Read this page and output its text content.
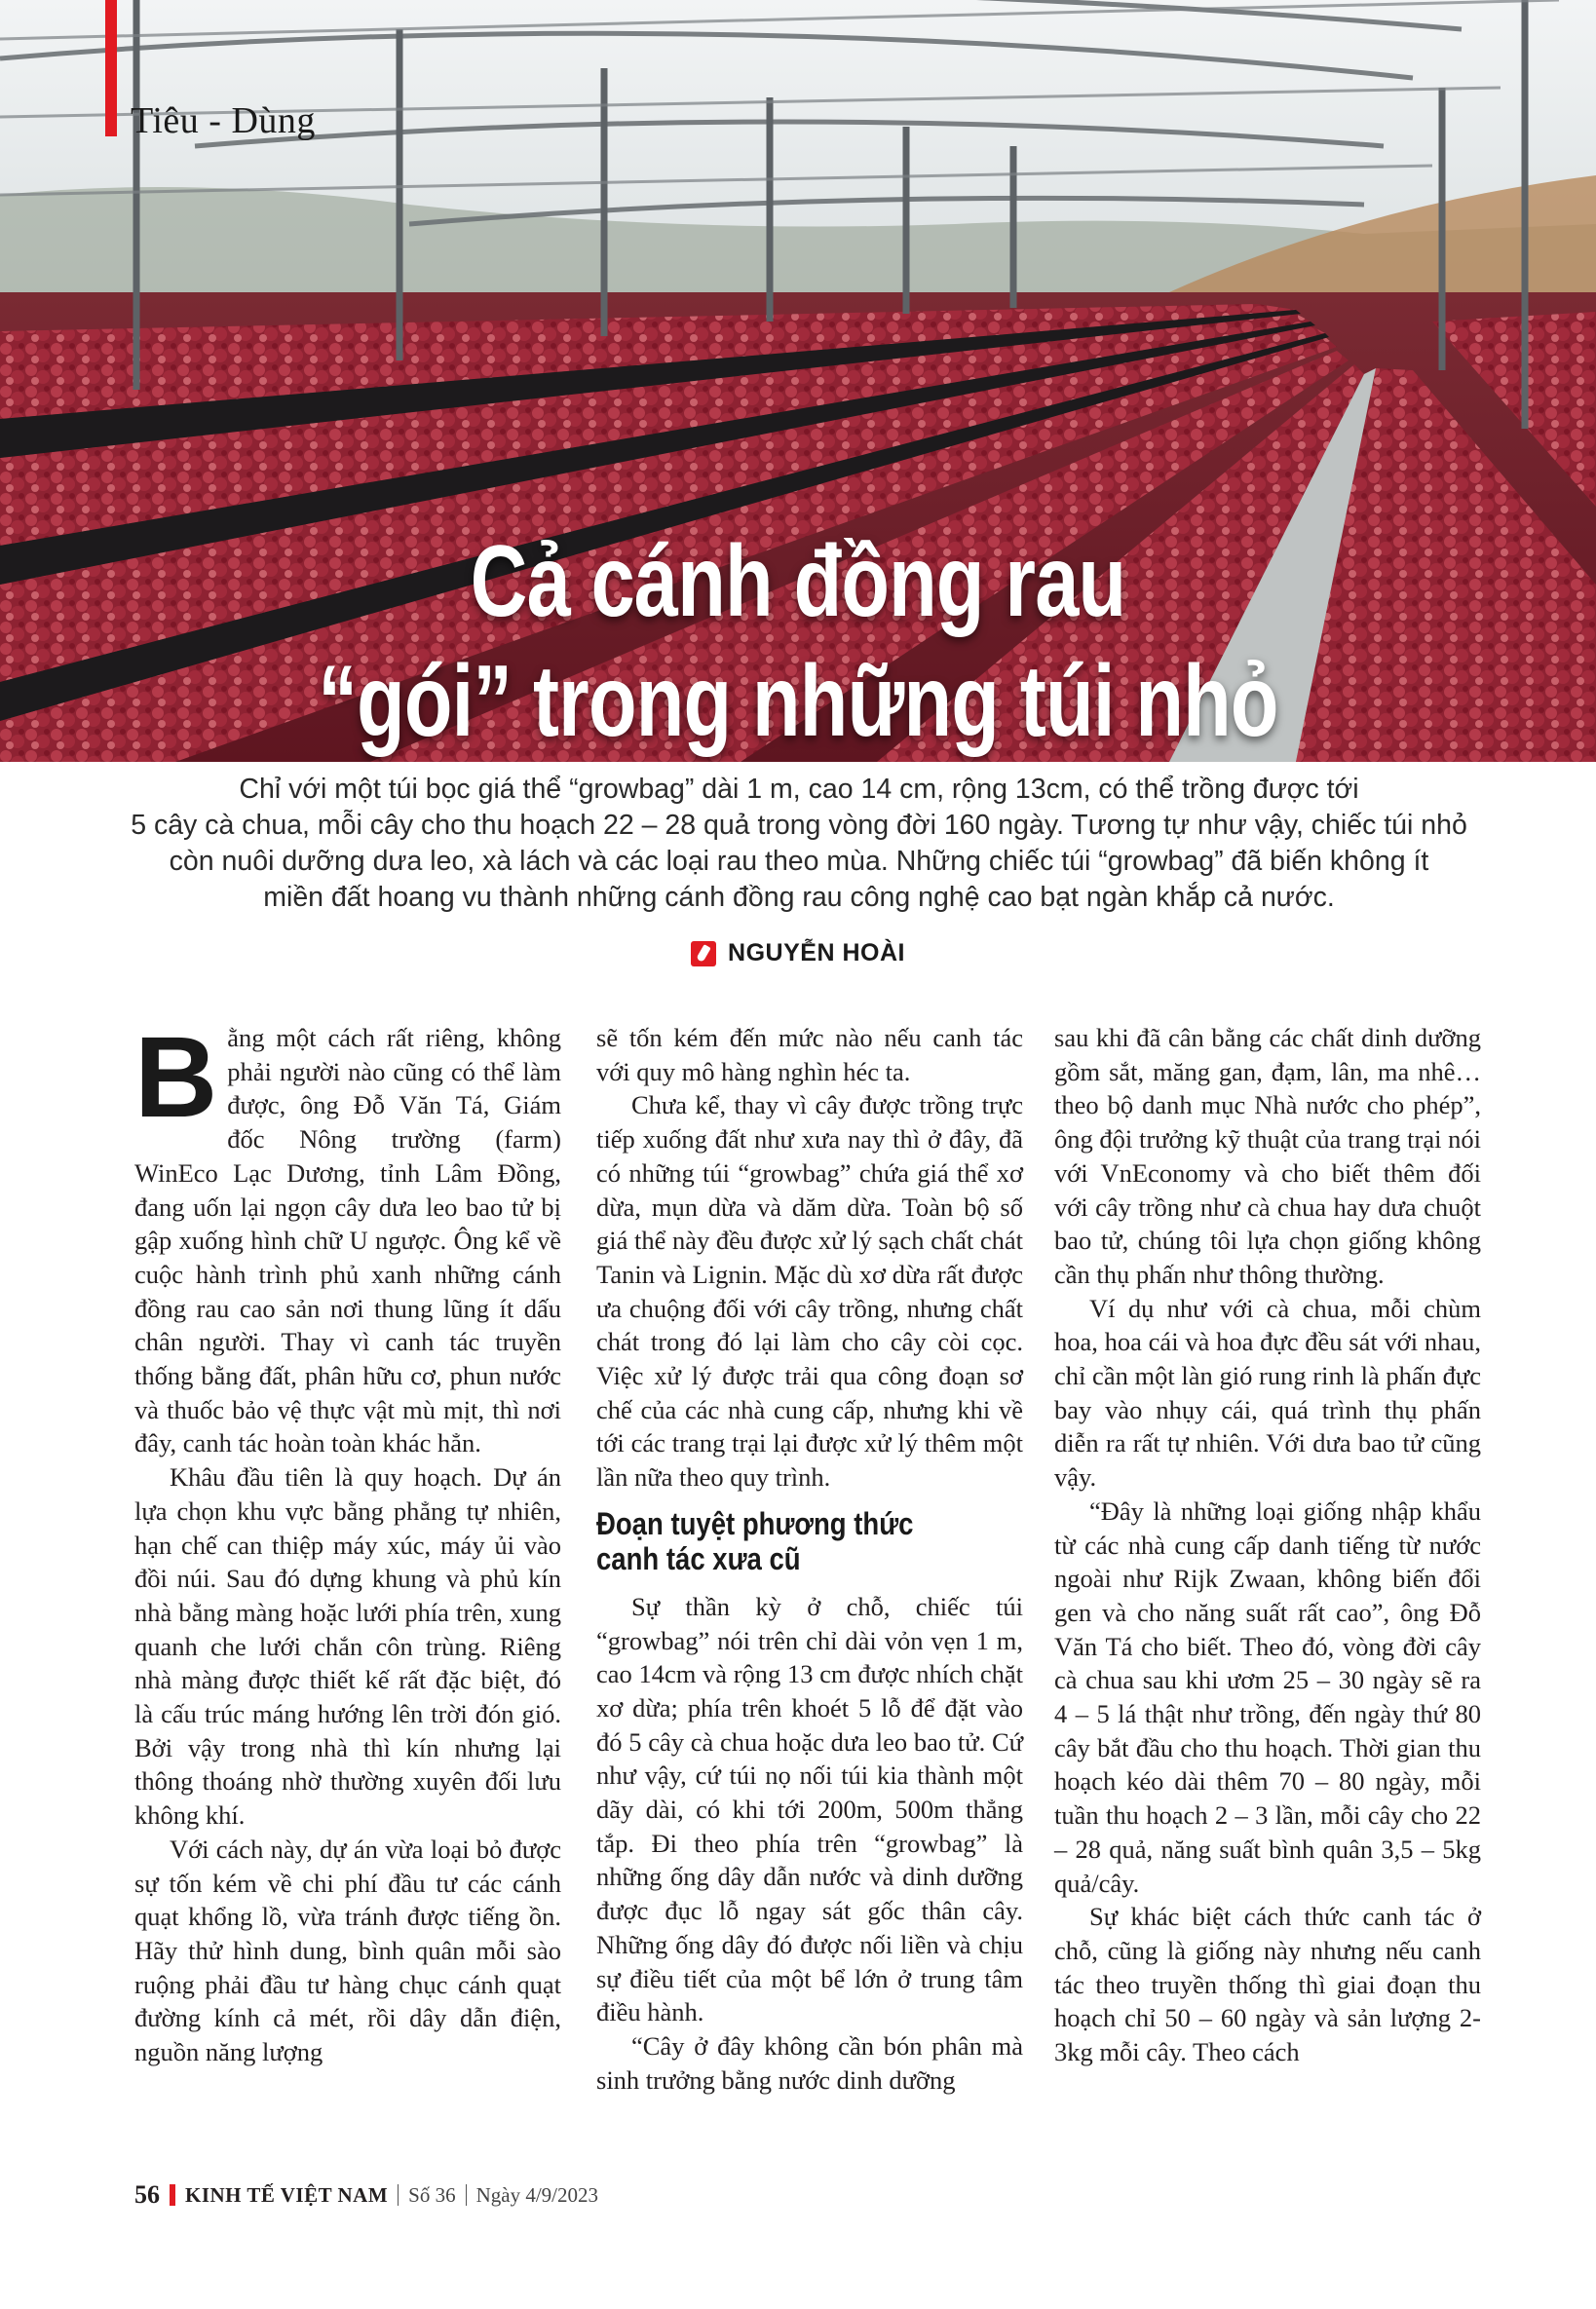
Tiêu - Dùng
Cả cánh đồng rau
“gói” trong những túi nhỏ
Chỉ với một túi bọc giá thể “growbag” dài 1 m, cao 14 cm, rộng 13cm, có thể trồng được tới
5 cây cà chua, mỗi cây cho thu hoạch 22 – 28 quả trong vòng đời 160 ngày. Tương tự như vậy, chiếc túi nhỏ
còn nuôi dưỡng dưa leo, xà lách và các loại rau theo mùa. Những chiếc túi “growbag” đã biến không ít
miền đất hoang vu thành những cánh đồng rau công nghệ cao bạt ngàn khắp cả nước.
NGUYỄN HOÀI

Bằng một cách rất riêng, không phải người nào cũng có thể làm được, ông Đỗ Văn Tá, Giám đốc Nông trường (farm) WinEco Lạc Dương, tỉnh Lâm Đồng, đang uốn lại ngọn cây dưa leo bao tử bị gập xuống hình chữ U ngược. Ông kể về cuộc hành trình phủ xanh những cánh đồng rau cao sản nơi thung lũng ít dấu chân người. Thay vì canh tác truyền thống bằng đất, phân hữu cơ, phun nước và thuốc bảo vệ thực vật mù mịt, thì nơi đây, canh tác hoàn toàn khác hẳn.

Khâu đầu tiên là quy hoạch. Dự án lựa chọn khu vực bằng phẳng tự nhiên, hạn chế can thiệp máy xúc, máy ủi vào đồi núi. Sau đó dựng khung và phủ kín nhà bằng màng hoặc lưới phía trên, xung quanh che lưới chắn côn trùng. Riêng nhà màng được thiết kế rất đặc biệt, đó là cấu trúc máng hướng lên trời đón gió. Bởi vậy trong nhà thì kín nhưng lại thông thoáng nhờ thường xuyên đối lưu không khí.

Với cách này, dự án vừa loại bỏ được sự tốn kém về chi phí đầu tư các cánh quạt khổng lồ, vừa tránh được tiếng ồn. Hãy thử hình dung, bình quân mỗi sào ruộng phải đầu tư hàng chục cánh quạt đường kính cả mét, rồi dây dẫn điện, nguồn năng lượng

sẽ tốn kém đến mức nào nếu canh tác với quy mô hàng nghìn héc ta.

Chưa kể, thay vì cây được trồng trực tiếp xuống đất như xưa nay thì ở đây, đã có những túi “growbag” chứa giá thể xơ dừa, mụn dừa và dăm dừa. Toàn bộ số giá thể này đều được xử lý sạch chất chát Tanin và Lignin. Mặc dù xơ dừa rất được ưa chuộng đối với cây trồng, nhưng chất chát trong đó lại làm cho cây còi cọc. Việc xử lý được trải qua công đoạn sơ chế của các nhà cung cấp, nhưng khi về tới các trang trại lại được xử lý thêm một lần nữa theo quy trình.

Đoạn tuyệt phương thức
canh tác xưa cũ

Sự thần kỳ ở chỗ, chiếc túi “growbag” nói trên chỉ dài vỏn vẹn 1 m, cao 14cm và rộng 13 cm được nhích chặt xơ dừa; phía trên khoét 5 lỗ để đặt vào đó 5 cây cà chua hoặc dưa leo bao tử. Cứ như vậy, cứ túi nọ nối túi kia thành một dãy dài, có khi tới 200m, 500m thẳng tắp. Đi theo phía trên “growbag” là những ống dây dẫn nước và dinh dưỡng được đục lỗ ngay sát gốc thân cây. Những ống dây đó được nối liền và chịu sự điều tiết của một bể lớn ở trung tâm điều hành.

“Cây ở đây không cần bón phân mà sinh trưởng bằng nước dinh dưỡng

sau khi đã cân bằng các chất dinh dưỡng gồm sắt, măng gan, đạm, lân, ma nhê… theo bộ danh mục Nhà nước cho phép”, ông đội trưởng kỹ thuật của trang trại nói với VnEconomy và cho biết thêm đối với cây trồng như cà chua hay dưa chuột bao tử, chúng tôi lựa chọn giống không cần thụ phấn như thông thường.

Ví dụ như với cà chua, mỗi chùm hoa, hoa cái và hoa đực đều sát với nhau, chỉ cần một làn gió rung rinh là phấn đực bay vào nhụy cái, quá trình thụ phấn diễn ra rất tự nhiên. Với dưa bao tử cũng vậy.

“Đây là những loại giống nhập khẩu từ các nhà cung cấp danh tiếng từ nước ngoài như Rijk Zwaan, không biến đổi gen và cho năng suất rất cao”, ông Đỗ Văn Tá cho biết. Theo đó, vòng đời cây cà chua sau khi ươm 25 – 30 ngày sẽ ra 4 – 5 lá thật như trồng, đến ngày thứ 80 cây bắt đầu cho thu hoạch. Thời gian thu hoạch kéo dài thêm 70 – 80 ngày, mỗi tuần thu hoạch 2 – 3 lần, mỗi cây cho 22 – 28 quả, năng suất bình quân 3,5 – 5kg quả/cây.

Sự khác biệt cách thức canh tác ở chỗ, cũng là giống này nhưng nếu canh tác theo truyền thống thì giai đoạn thu hoạch chỉ 50 – 60 ngày và sản lượng 2-3kg mỗi cây. Theo cách

56 KINH TẾ VIỆT NAM Số 36 Ngày 4/9/2023
